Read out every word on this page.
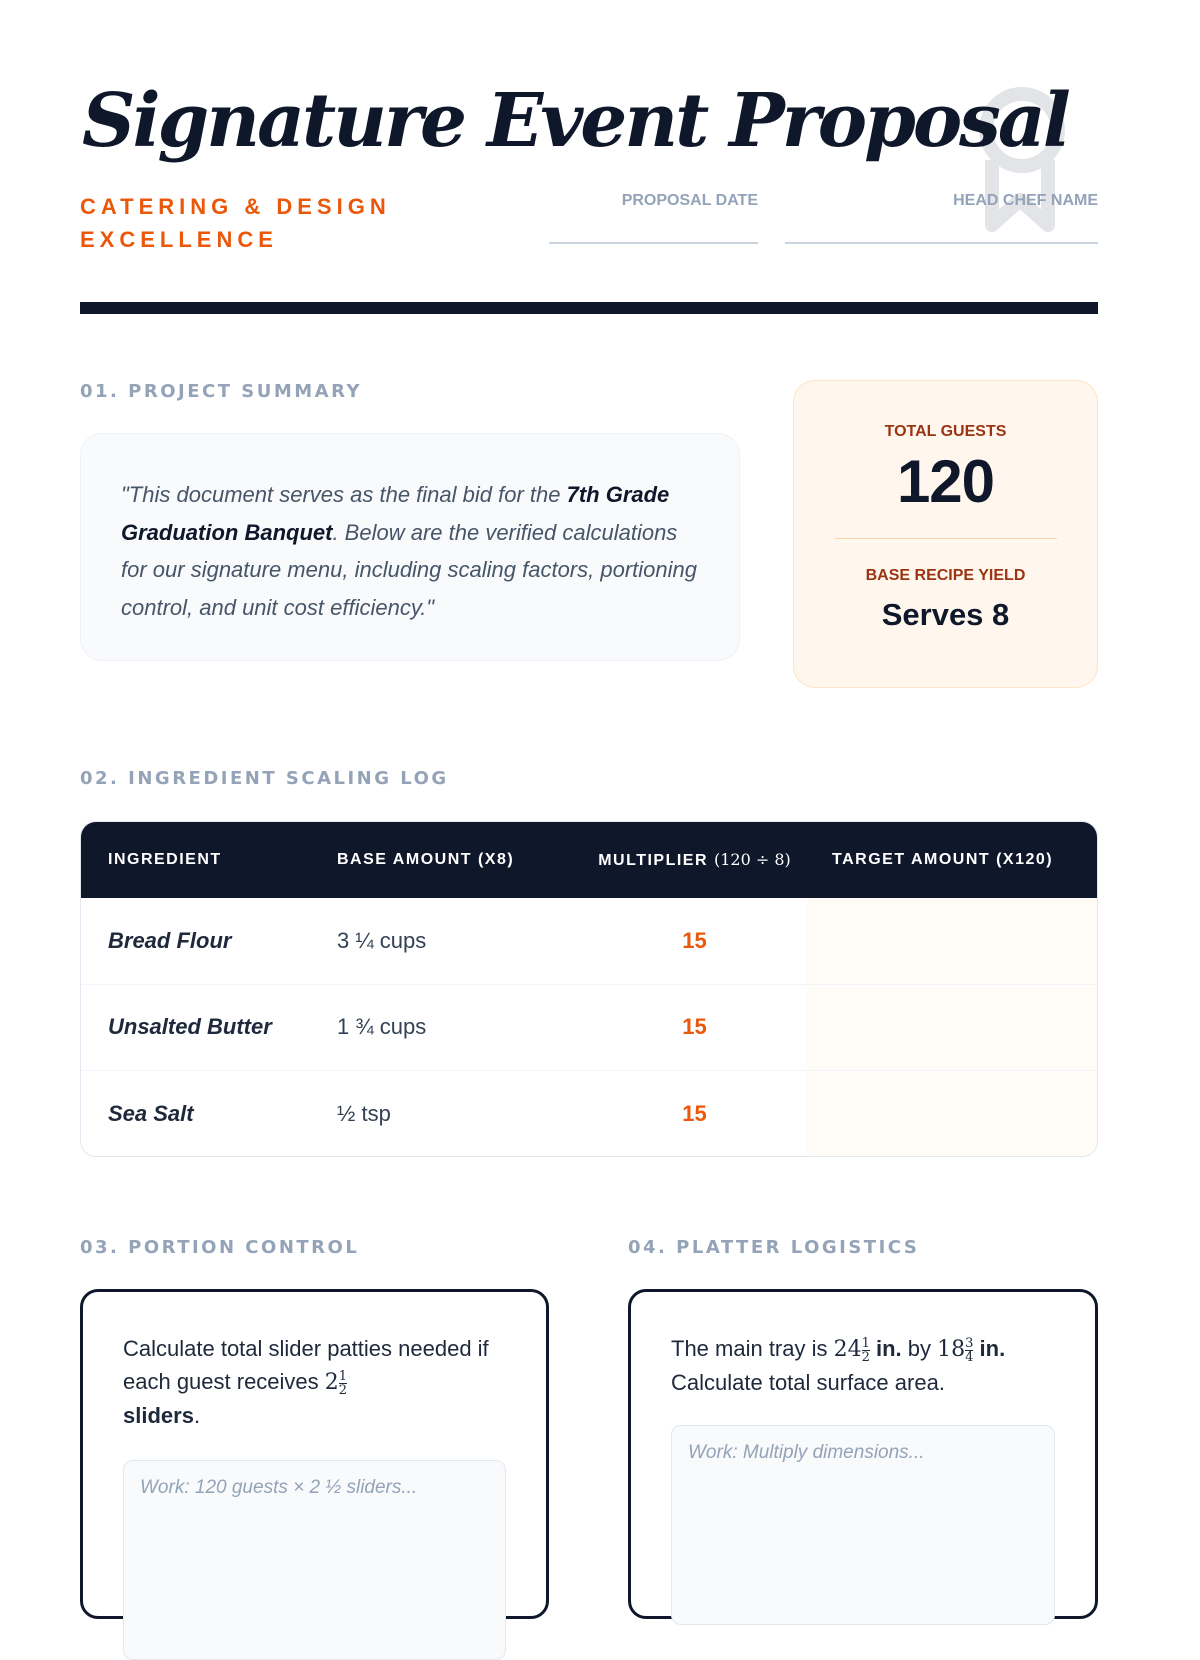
Signature Event Proposal
CATERING & DESIGN EXCELLENCE
PROPOSAL DATE	HEAD CHEF NAME
01. PROJECT SUMMARY
"This document serves as the final bid for the 7th Grade Graduation Banquet. Below are the verified calculations for our signature menu, including scaling factors, portioning control, and unit cost efficiency."
TOTAL GUESTS
120
BASE RECIPE YIELD
Serves 8
02. INGREDIENT SCALING LOG
INGREDIENT	BASE AMOUNT (X8)	MULTIPLIER (120 ÷ 8)	TARGET AMOUNT (X120)
Bread Flour	3 ¼ cups	15
Unsalted Butter	1 ¾ cups	15
Sea Salt	½ tsp	15
03. PORTION CONTROL	04. PLATTER LOGISTICS
Calculate total slider patties needed if each guest receives $2 \frac{1}{2}$

sliders.
Work: 120 guests × 2 ½ sliders...
The main tray is $24 \frac{1}{2}$ in. by $18 \frac{3}{4}$ in.
Calculate total surface area.
Work: Multiply dimensions...
